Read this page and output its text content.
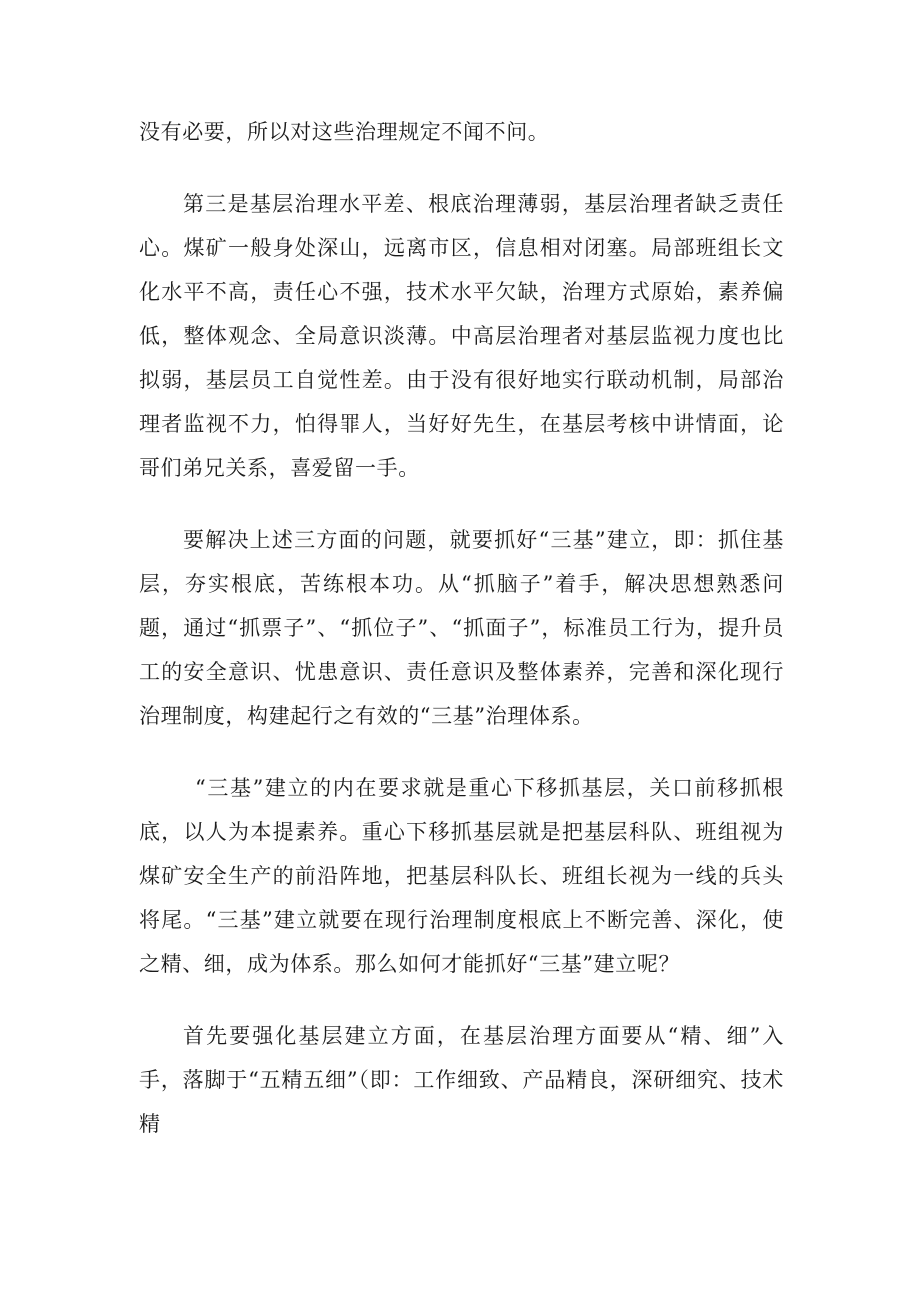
没有必要，所以对这些治理规定不闻不问。

第三是基层治理水平差、根底治理薄弱，基层治理者缺乏责任心。煤矿一般身处深山，远离市区，信息相对闭塞。局部班组长文化水平不高，责任心不强，技术水平欠缺，治理方式原始，素养偏低，整体观念、全局意识淡薄。中高层治理者对基层监视力度也比拟弱，基层员工自觉性差。由于没有很好地实行联动机制，局部治理者监视不力，怕得罪人，当好好先生，在基层考核中讲情面，论哥们弟兄关系，喜爱留一手。

要解决上述三方面的问题，就要抓好“三基”建立，即：抓住基层，夯实根底，苦练根本功。从“抓脑子”着手，解决思想熟悉问题，通过“抓票子”、“抓位子”、“抓面子”，标准员工行为，提升员工的安全意识、忧患意识、责任意识及整体素养，完善和深化现行治理制度，构建起行之有效的“三基”治理体系。

“三基”建立的内在要求就是重心下移抓基层，关口前移抓根底，以人为本提素养。重心下移抓基层就是把基层科队、班组视为煤矿安全生产的前沿阵地，把基层科队长、班组长视为一线的兵头将尾。“三基”建立就要在现行治理制度根底上不断完善、深化，使之精、细，成为体系。那么如何才能抓好“三基”建立呢？

首先要强化基层建立方面，在基层治理方面要从“精、细”入手，落脚于“五精五细”（即：工作细致、产品精良，深研细究、技术精
